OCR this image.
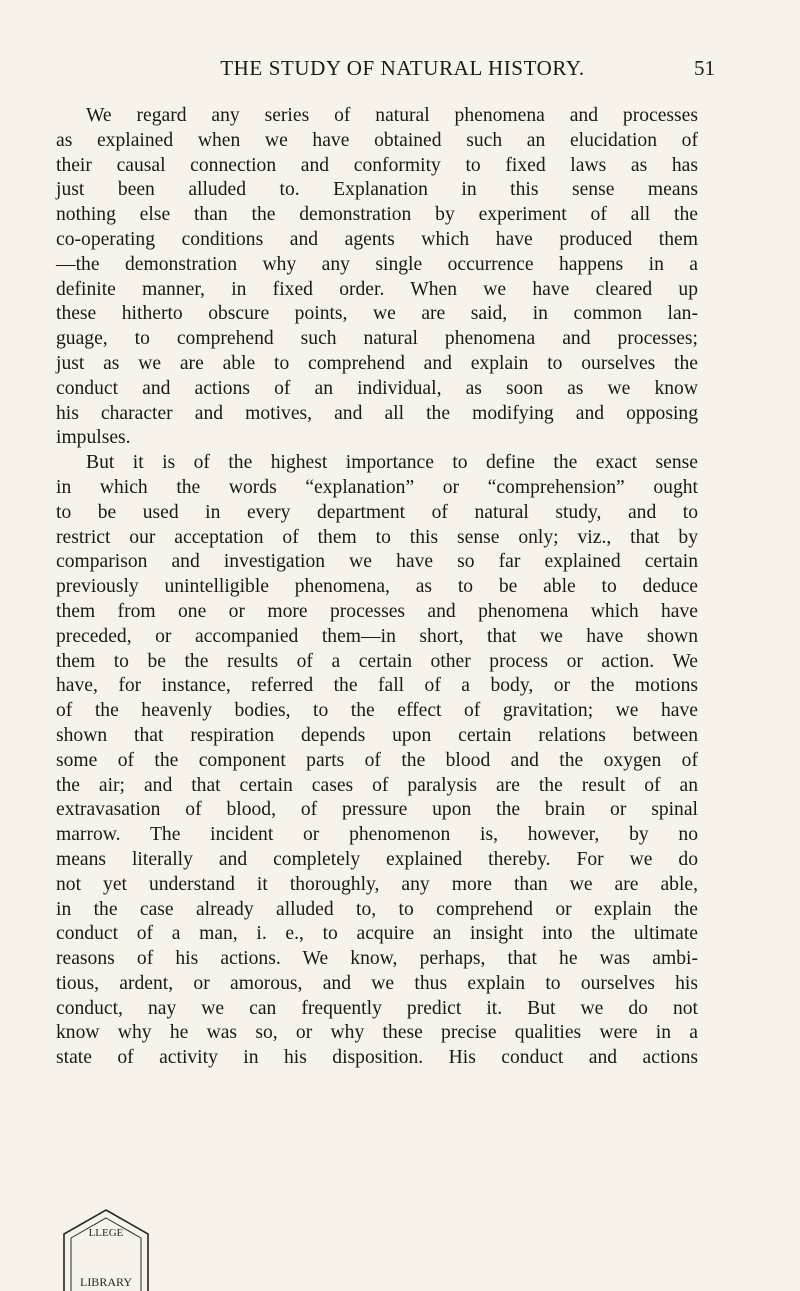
THE STUDY OF NATURAL HISTORY.	51
We regard any series of natural phenomena and processes
as explained when we have obtained such an elucidation of
their causal connection and conformity to fixed laws as has
just been alluded to. Explanation in this sense means
nothing else than the demonstration by experiment of all the
co-operating conditions and agents which have produced them
—the demonstration why any single occurrence happens in a
definite manner, in fixed order. When we have cleared up
these hitherto obscure points, we are said, in common lan-
guage, to comprehend such natural phenomena and processes;
just as we are able to comprehend and explain to ourselves the
conduct and actions of an individual, as soon as we know
his character and motives, and all the modifying and opposing
impulses.
But it is of the highest importance to define the exact sense
in which the words “explanation” or “comprehension” ought
to be used in every department of natural study, and to
restrict our acceptation of them to this sense only; viz., that by
comparison and investigation we have so far explained certain
previously unintelligible phenomena, as to be able to deduce
them from one or more processes and phenomena which have
preceded, or accompanied them—in short, that we have shown
them to be the results of a certain other process or action. We
have, for instance, referred the fall of a body, or the motions
of the heavenly bodies, to the effect of gravitation; we have
shown that respiration depends upon certain relations between
some of the component parts of the blood and the oxygen of
the air; and that certain cases of paralysis are the result of an
extravasation of blood, of pressure upon the brain or spinal
marrow. The incident or phenomenon is, however, by no
means literally and completely explained thereby. For we do
not yet understand it thoroughly, any more than we are able,
in the case already alluded to, to comprehend or explain the
conduct of a man, i. e., to acquire an insight into the ultimate
reasons of his actions. We know, perhaps, that he was ambi-
tious, ardent, or amorous, and we thus explain to ourselves his
conduct, nay we can frequently predict it. But we do not
know why he was so, or why these precise qualities were in a
state of activity in his disposition. His conduct and actions
LLEGE
LIBRARY
